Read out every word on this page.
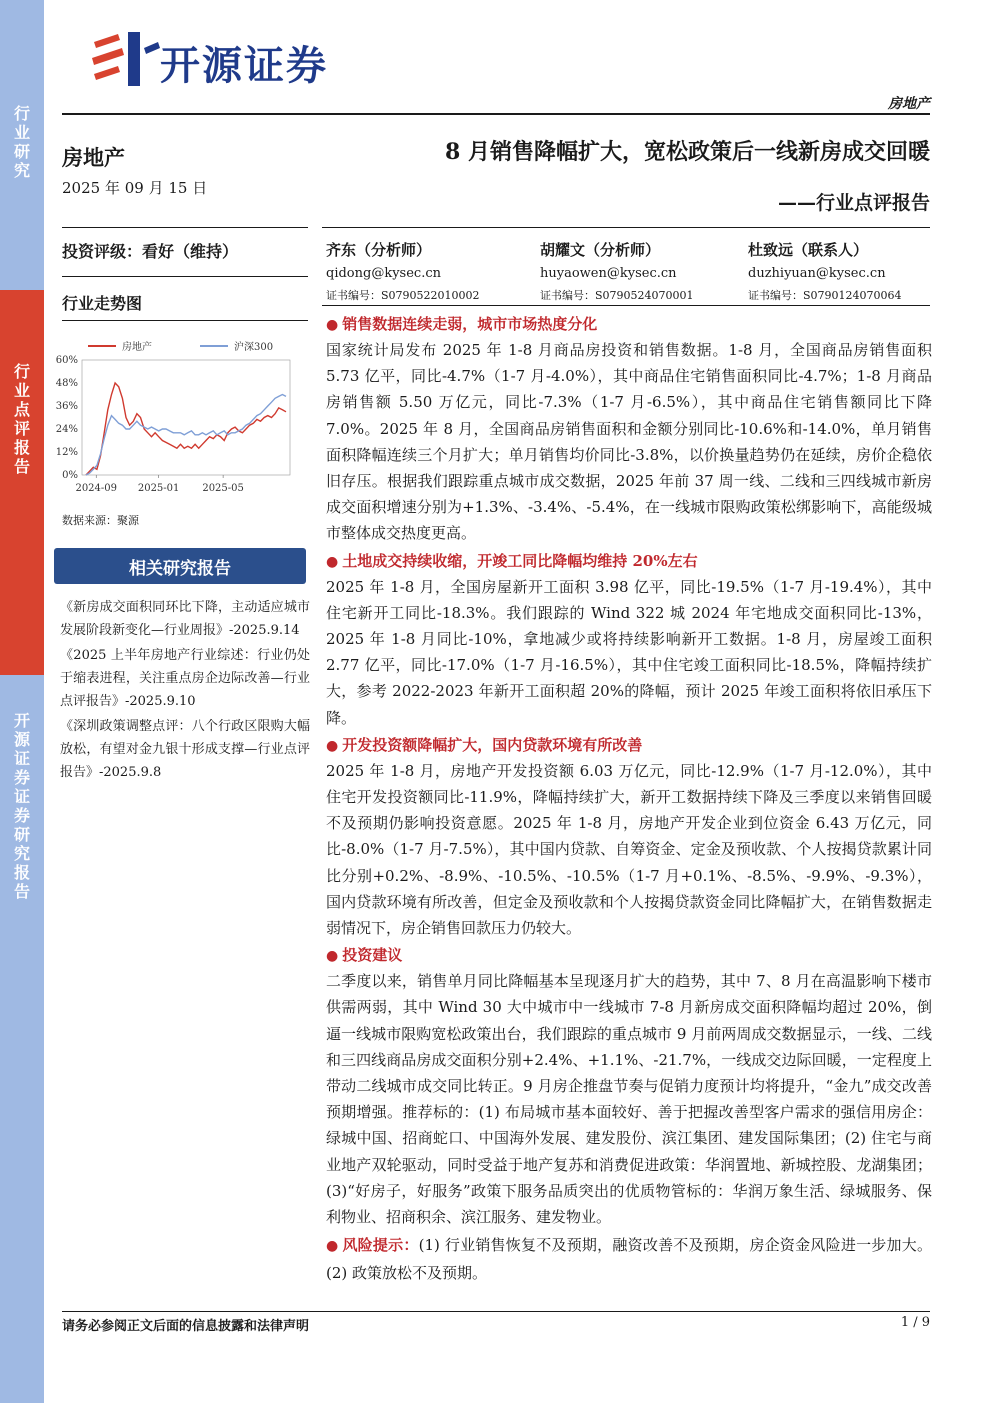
行业研究
行业点评报告
开源证券 证券研究报告
开源证券
房地产
房地产
2025 年 09 月 15 日
投资评级：看好（维持）
行业走势图
60%
48%
36%
24%
12%
0%
2024-09 2025-01 2025-05
房地产	沪深300
数据来源：聚源
相关研究报告
《新房成交面积同环比下降，主动适应城市发展阶段新变化—行业周报》-2025.9.14
《2025 上半年房地产行业综述：行业仍处于缩表进程，关注重点房企边际改善—行业点评报告》-2025.9.10
《深圳政策调整点评：八个行政区限购大幅放松，有望对金九银十形成支撑—行业点评报告》-2025.9.8
8 月销售降幅扩大，宽松政策后一线新房成交回暖
——行业点评报告
齐东（分析师）
qidong@kysec.cn
证书编号：S0790522010002
胡耀文（分析师）
huyaowen@kysec.cn
证书编号：S0790524070001
杜致远（联系人）
duzhiyuan@kysec.cn
证书编号：S0790124070064
● 销售数据连续走弱，城市市场热度分化

国家统计局发布 2025 年 1-8 月商品房投资和销售数据。1-8 月，全国商品房销售面积 5.73 亿平，同比-4.7%（1-7 月-4.0%），其中商品住宅销售面积同比-4.7%；1-8 月商品房销售额 5.50 万亿元，同比-7.3%（1-7 月-6.5%），其中商品住宅销售额同比下降 7.0%。2025 年 8 月，全国商品房销售面积和金额分别同比-10.6%和-14.0%，单月销售面积降幅连续三个月扩大；单月销售均价同比-3.8%，以价换量趋势仍在延续，房价企稳依旧存压。根据我们跟踪重点城市成交数据，2025 年前 37 周一线、二线和三四线城市新房成交面积增速分别为+1.3%、-3.4%、-5.4%，在一线城市限购政策松绑影响下，高能级城市整体成交热度更高。

● 土地成交持续收缩，开竣工同比降幅均维持 20%左右

2025 年 1-8 月，全国房屋新开工面积 3.98 亿平，同比-19.5%（1-7 月-19.4%），其中住宅新开工同比-18.3%。我们跟踪的 Wind 322 城 2024 年宅地成交面积同比-13%，2025 年 1-8 月同比-10%，拿地减少或将持续影响新开工数据。1-8 月，房屋竣工面积 2.77 亿平，同比-17.0%（1-7 月-16.5%），其中住宅竣工面积同比-18.5%，降幅持续扩大，参考 2022-2023 年新开工面积超 20%的降幅，预计 2025 年竣工面积将依旧承压下降。

● 开发投资额降幅扩大，国内贷款环境有所改善

2025 年 1-8 月，房地产开发投资额 6.03 万亿元，同比-12.9%（1-7 月-12.0%），其中住宅开发投资额同比-11.9%，降幅持续扩大，新开工数据持续下降及三季度以来销售回暖不及预期仍影响投资意愿。2025 年 1-8 月，房地产开发企业到位资金 6.43 万亿元，同比-8.0%（1-7 月-7.5%），其中国内贷款、自筹资金、定金及预收款、个人按揭贷款累计同比分别+0.2%、-8.9%、-10.5%、-10.5%（1-7 月+0.1%、-8.5%、-9.9%、-9.3%），国内贷款环境有所改善，但定金及预收款和个人按揭贷款资金同比降幅扩大，在销售数据走弱情况下，房企销售回款压力仍较大。

● 投资建议

二季度以来，销售单月同比降幅基本呈现逐月扩大的趋势，其中 7、8 月在高温影响下楼市供需两弱，其中 Wind 30 大中城市中一线城市 7-8 月新房成交面积降幅均超过 20%，倒逼一线城市限购宽松政策出台，我们跟踪的重点城市 9 月前两周成交数据显示，一线、二线和三四线商品房成交面积分别+2.4%、+1.1%、-21.7%，一线成交边际回暖，一定程度上带动二线城市成交同比转正。9 月房企推盘节奏与促销力度预计均将提升，“金九”成交改善预期增强。推荐标的：(1) 布局城市基本面较好、善于把握改善型客户需求的强信用房企：绿城中国、招商蛇口、中国海外发展、建发股份、滨江集团、建发国际集团；(2) 住宅与商业地产双轮驱动，同时受益于地产复苏和消费促进政策：华润置地、新城控股、龙湖集团；(3)“好房子，好服务”政策下服务品质突出的优质物管标的：华润万象生活、绿城服务、保利物业、招商积余、滨江服务、建发物业。

● 风险提示：(1) 行业销售恢复不及预期，融资改善不及预期，房企资金风险进一步加大。(2) 政策放松不及预期。
请务必参阅正文后面的信息披露和法律声明	1 / 9
